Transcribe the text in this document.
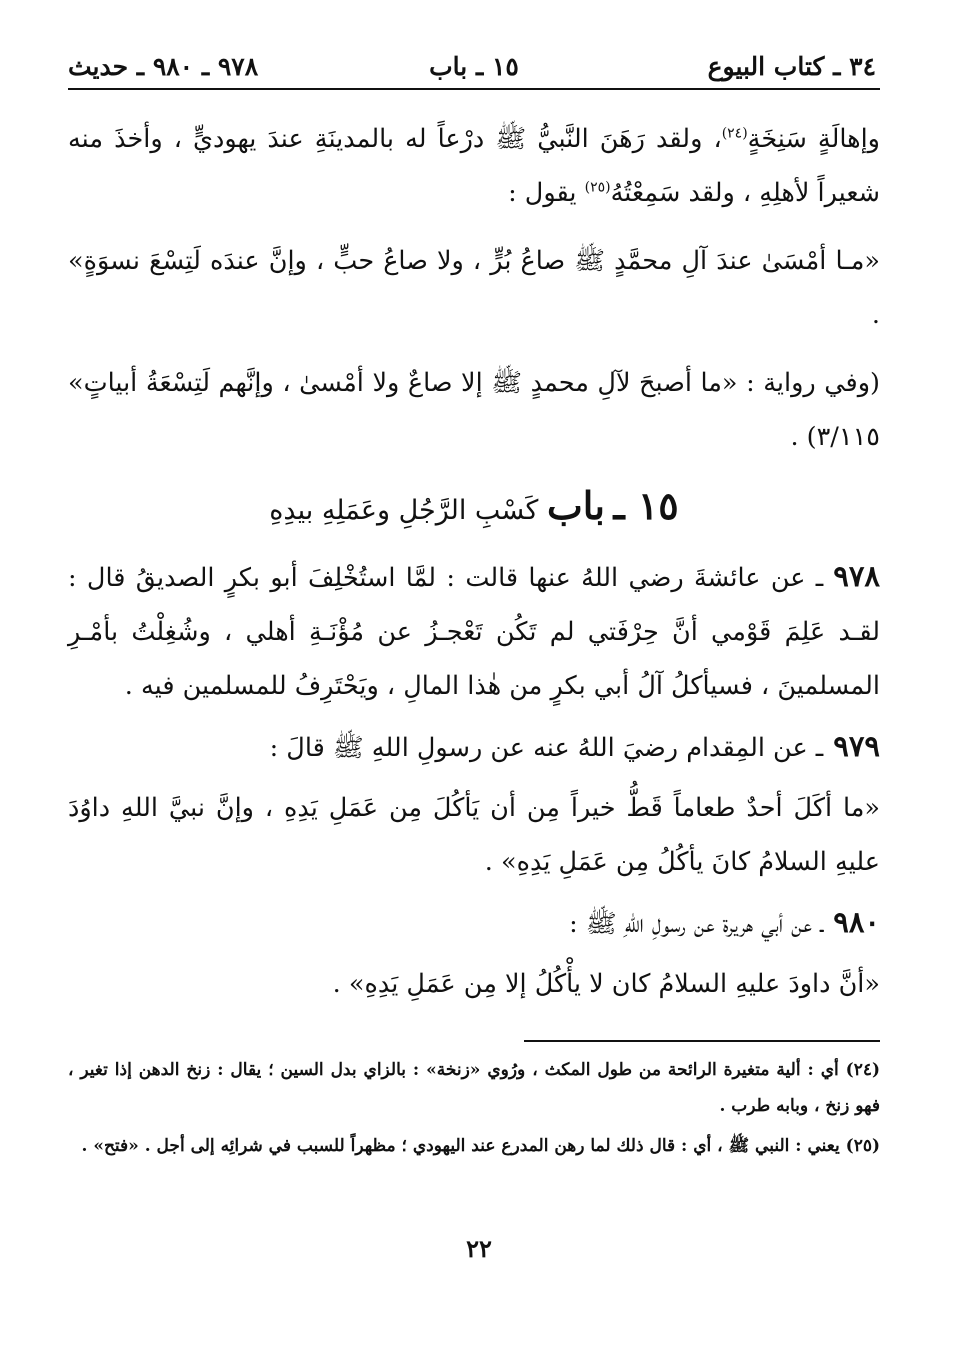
٣٤ ـ كتاب البيوع
١٥ ـ باب
٩٧٨ ـ ٩٨٠ ـ حديث

وإهالَةٍ سَنِخَةٍ$^{(٢٤)}$، ولقد رَهَنَ النَّبيُّ ﷺ درْعاً له بالمدينَةِ عندَ يهوديٍّ ، وأخذَ منه شعيراً لأهلِهِ ، ولقد سَمِعْتُهُ$^{(٢٥)}$ يقول :

«مـا أمْسَىٰ عندَ آلِ محمَّدٍ ﷺ صاعُ بُرٍّ ، ولا صاعُ حبٍّ ، وإنَّ عندَه لَتِسْعَ نسوَةٍ» .

(وفي رواية : «ما أصبحَ لآلِ محمدٍ ﷺ إلا صاعٌ ولا أمْسىٰ ، وإنَّهم لَتِسْعَةُ أبياتٍ» ٣/١١٥) .

١٥ ـ باب كَسْبِ الرَّجُلِ وعَمَلِهِ بيدِهِ

٩٧٨ـ عن عائشةَ رضي اللهُ عنها قالت : لمَّا استُخْلِفَ أبو بكرٍ الصديقُ قال : لقـد عَلِمَ قَوْمي أنَّ حِرْفَتي لم تَكُن تَعْجـزُ عن مُؤْنَـةِ أهلي ، وشُغِلْتُ بأمْـرِ المسلمينَ ، فسيأكلُ آلُ أبي بكرٍ من هٰذا المالِ ، ويَحْتَرِفُ للمسلمين فيه .

٩٧٩ـ عن المِقدام رضيَ اللهُ عنه عن رسولِ اللهِ ﷺ قالَ :

«ما أكَلَ أحدٌ طعاماً قَطُّ خيراً مِن أن يَأكُلَ مِن عَمَلِ يَدِهِ ، وإنَّ نبيَّ اللهِ داوُدَ عليهِ السلامُ كانَ يأكُلُ مِن عَمَلِ يَدِهِ» .

٩٨٠ـ عن أبي هريرة عن رسولِ اللهِ ﷺ :

«أنَّ داودَ عليهِ السلامُ كان لا يأْكُلُ إلا مِن عَمَلِ يَدِهِ» .

(٢٤) أي : ألية متغيرة الرائحة من طول المكث ، ورُوي «زنخة» : بالزاي بدل السين ؛ يقال : زنخ الدهن إذا تغير ، فهو زنخ ، وبابه طرب .

(٢٥) يعني : النبي ﷺ ، أي : قال ذلك لما رهن المدرع عند اليهودي ؛ مظهراً للسبب في شرائِه إلى أجل . «فتح» .

٢٢
